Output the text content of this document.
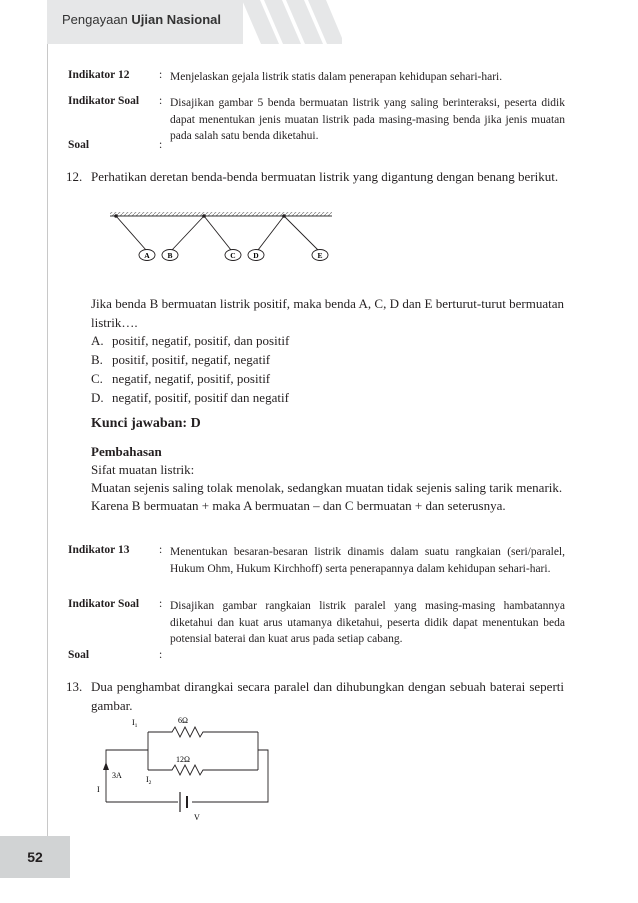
Pengayaan Ujian Nasional
Indikator 12	: Menjelaskan gejala listrik statis dalam penerapan kehidupan sehari-hari.
Indikator Soal : Disajikan gambar 5 benda bermuatan listrik yang saling berinteraksi, peserta didik dapat menentukan jenis muatan listrik pada masing-masing benda jika jenis muatan pada salah satu benda diketahui.
Soal	:
12. Perhatikan deretan benda-benda bermuatan listrik yang digantung dengan benang berikut.
A B	C D	E
Jika benda B bermuatan listrik positif, maka benda A, C, D dan E berturut-turut bermuatan listrik….
A. positif, negatif, positif, dan positif
B. positif, positif, negatif, negatif
C. negatif, negatif, positif, positif
D. negatif, positif, positif dan negatif
Kunci jawaban: D
Pembahasan
Sifat muatan listrik:
Muatan sejenis saling tolak menolak, sedangkan muatan tidak sejenis saling tarik menarik.
Karena B bermuatan + maka A bermuatan – dan C bermuatan + dan seterusnya.
Indikator 13	: Menentukan besaran-besaran listrik dinamis dalam suatu rangkaian (seri/paralel, Hukum Ohm, Hukum Kirchhoff) serta penerapannya dalam kehidupan sehari-hari.
Indikator Soal : Disajikan gambar rangkaian listrik paralel yang masing-masing hambatannya diketahui dan kuat arus utamanya diketahui, peserta didik dapat menentukan beda potensial baterai dan kuat arus pada setiap cabang.
Soal	:
13. Dua penghambat dirangkai secara paralel dan dihubungkan dengan sebuah baterai seperti gambar.
$I_1$
6Ω
12Ω
$I_2$
3A
I
V
52
